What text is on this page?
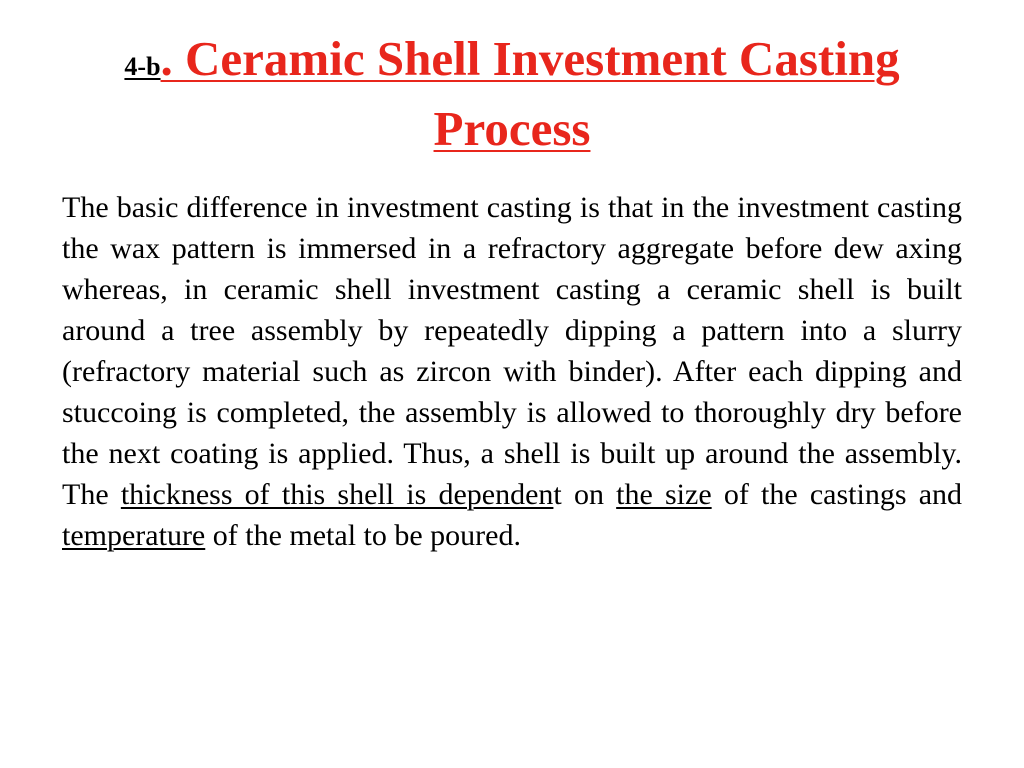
4-b. Ceramic Shell Investment Casting Process

The basic difference in investment casting is that in the investment casting the wax pattern is immersed in a refractory aggregate before dew axing whereas, in ceramic shell investment casting a ceramic shell is built around a tree assembly by repeatedly dipping a pattern into a slurry (refractory material such as zircon with binder). After each dipping and stuccoing is completed, the assembly is allowed to thoroughly dry before the next coating is applied. Thus, a shell is built up around the assembly. The thickness of this shell is dependent on the size of the castings and temperature of the metal to be poured.
